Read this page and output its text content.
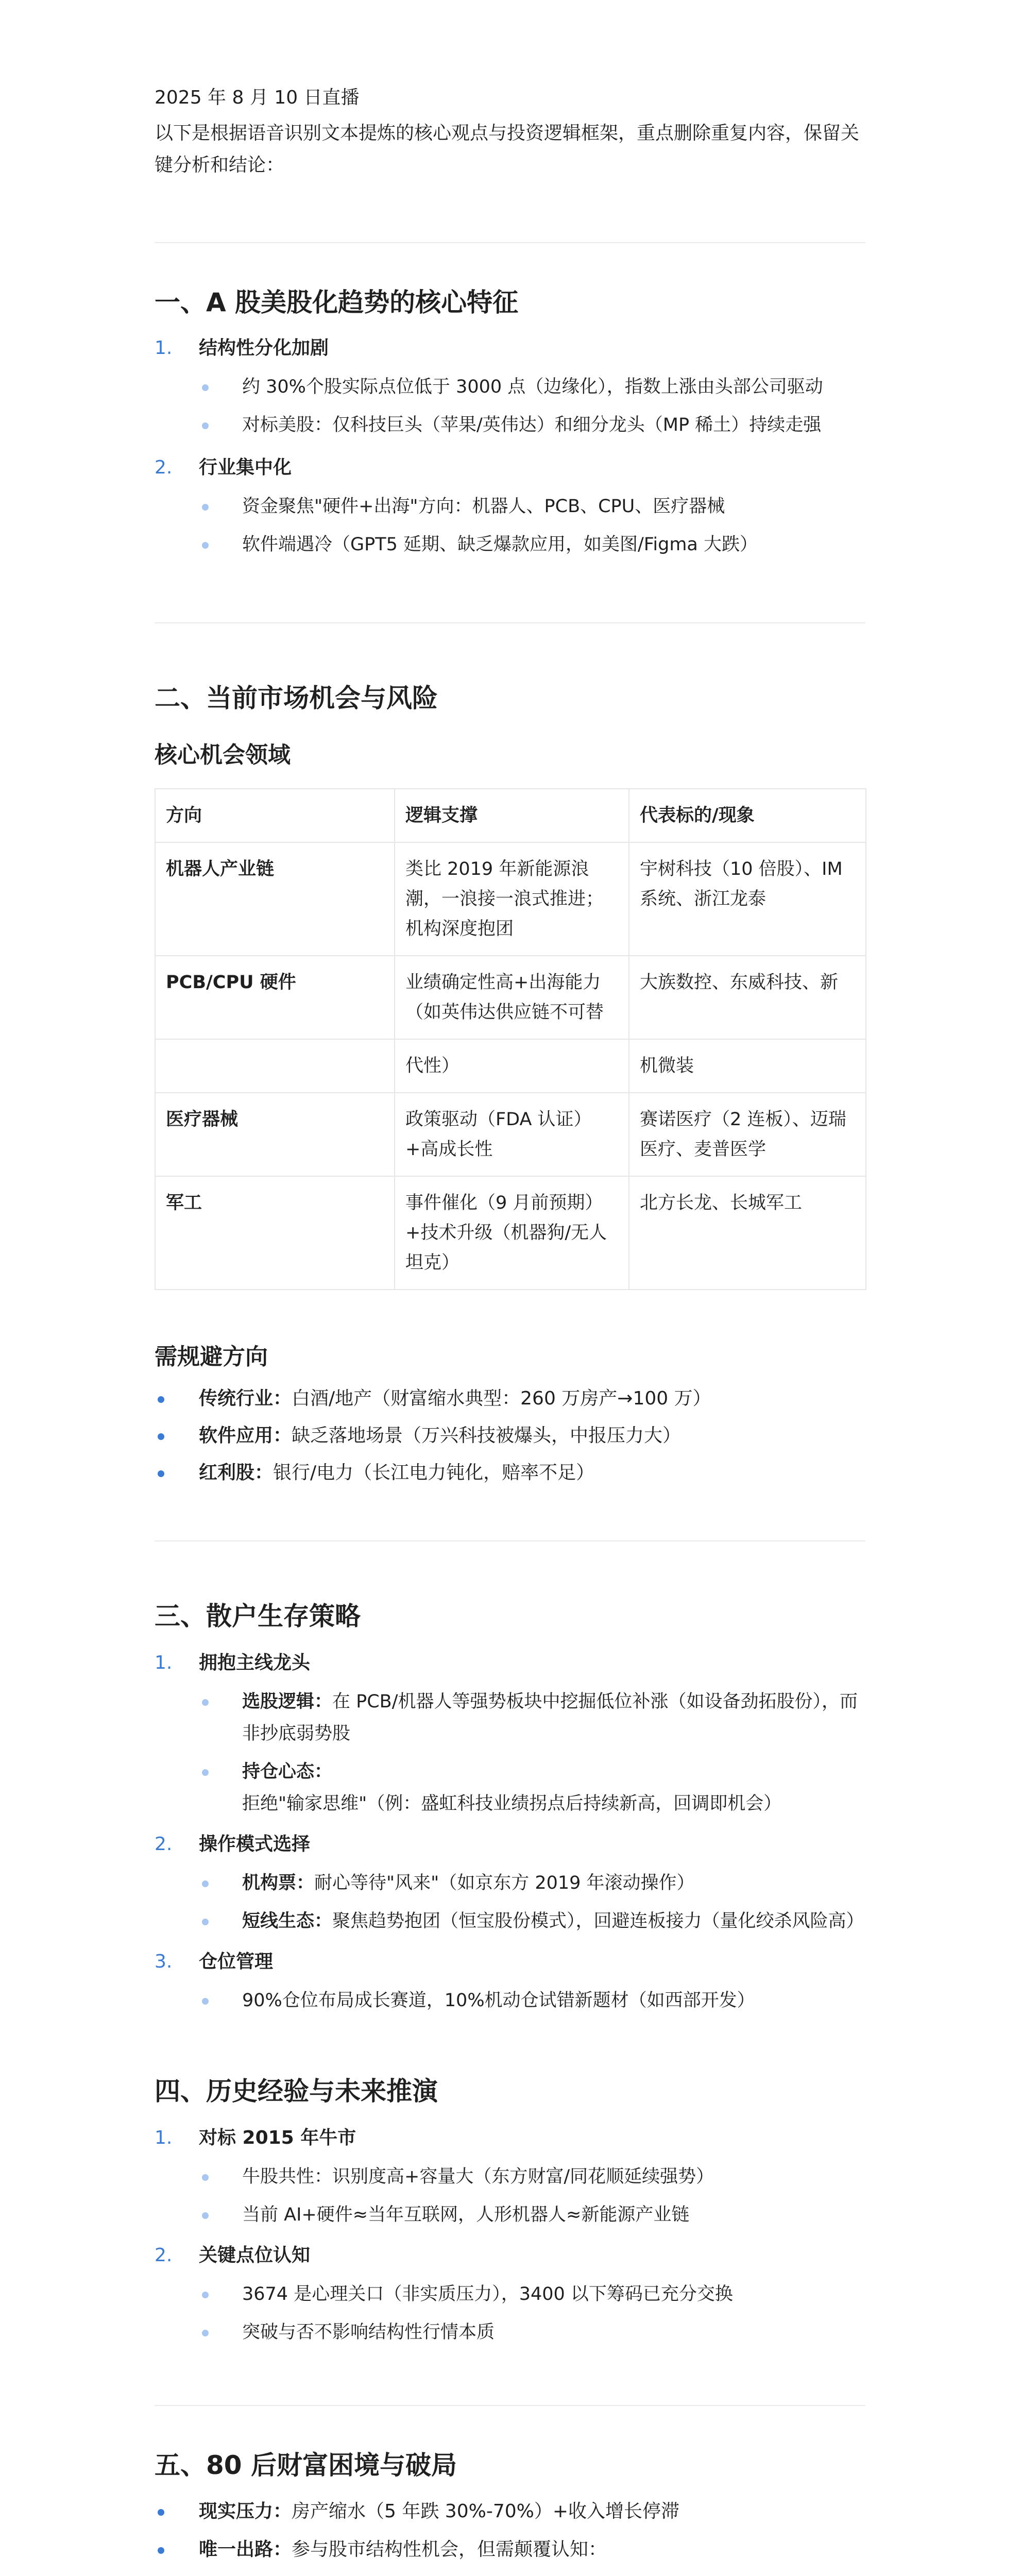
2025 年 8 月 10 日直播

以下是根据语音识别文本提炼的核心观点与投资逻辑框架，重点删除重复内容，保留关键分析和结论：

一、A 股美股化趋势的核心特征
1. 结构性分化加剧
约 30%个股实际点位低于 3000 点（边缘化），指数上涨由头部公司驱动
对标美股：仅科技巨头（苹果/英伟达）和细分龙头（MP 稀土）持续走强
2. 行业集中化
资金聚焦"硬件+出海"方向：机器人、PCB、CPU、医疗器械
软件端遇冷（GPT5 延期、缺乏爆款应用，如美图/Figma 大跌）
二、当前市场机会与风险
核心机会领域
方向	逻辑支撑	代表标的/现象
机器人产业链	类比 2019 年新能源浪潮，一浪接一浪式推进；机构深度抱团	宇树科技（10 倍股）、IM 系统、浙江龙泰
PCB/CPU 硬件	业绩确定性高+出海能力（如英伟达供应链不可替	大族数控、东威科技、新
	代性）	机微装
医疗器械	政策驱动（FDA 认证）+高成长性	赛诺医疗（2 连板）、迈瑞医疗、麦普医学
军工	事件催化（9 月前预期）+技术升级（机器狗/无人坦克）	北方长龙、长城军工
需规避方向
传统行业：白酒/地产（财富缩水典型：260 万房产→100 万）
软件应用：缺乏落地场景（万兴科技被爆头，中报压力大）
红利股：银行/电力（长江电力钝化，赔率不足）
三、散户生存策略
1. 拥抱主线龙头
选股逻辑：在 PCB/机器人等强势板块中挖掘低位补涨（如设备劲拓股份），而非抄底弱势股
持仓心态：拒绝"输家思维"（例：盛虹科技业绩拐点后持续新高，回调即机会）
2. 操作模式选择
机构票：耐心等待"风来"（如京东方 2019 年滚动操作）
短线生态：聚焦趋势抱团（恒宝股份模式），回避连板接力（量化绞杀风险高）
3. 仓位管理
90%仓位布局成长赛道，10%机动仓试错新题材（如西部开发）
四、历史经验与未来推演
1. 对标 2015 年牛市
牛股共性：识别度高+容量大（东方财富/同花顺延续强势）
当前 AI+硬件≈当年互联网，人形机器人≈新能源产业链
2. 关键点位认知
3674 是心理关口（非实质压力），3400 以下筹码已充分交换
突破与否不影响结构性行情本质
五、80 后财富困境与破局
现实压力：房产缩水（5 年跌 30%-70%）+收入增长停滞
唯一出路：参与股市结构性机会，但需颠覆认知：
